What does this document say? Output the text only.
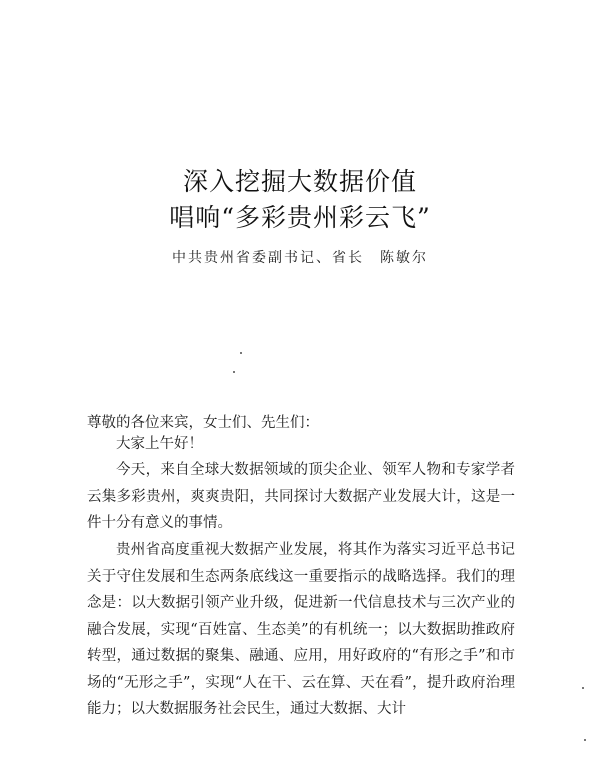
深入挖掘大数据价值
唱响“多彩贵州彩云飞”
中共贵州省委副书记、省长　陈敏尔
尊敬的各位来宾，女士们、先生们：

大家上午好！

今天，来自全球大数据领域的顶尖企业、领军人物和专家学者云集多彩贵州，爽爽贵阳，共同探讨大数据产业发展大计，这是一件十分有意义的事情。

贵州省高度重视大数据产业发展，将其作为落实习近平总书记关于守住发展和生态两条底线这一重要指示的战略选择。我们的理念是：以大数据引领产业升级，促进新一代信息技术与三次产业的融合发展，实现“百姓富、生态美”的有机统一；以大数据助推政府转型，通过数据的聚集、融通、应用，用好政府的“有形之手”和市场的“无形之手”，实现“人在干、云在算、天在看”，提升政府治理能力；以大数据服务社会民生，通过大数据、大计
